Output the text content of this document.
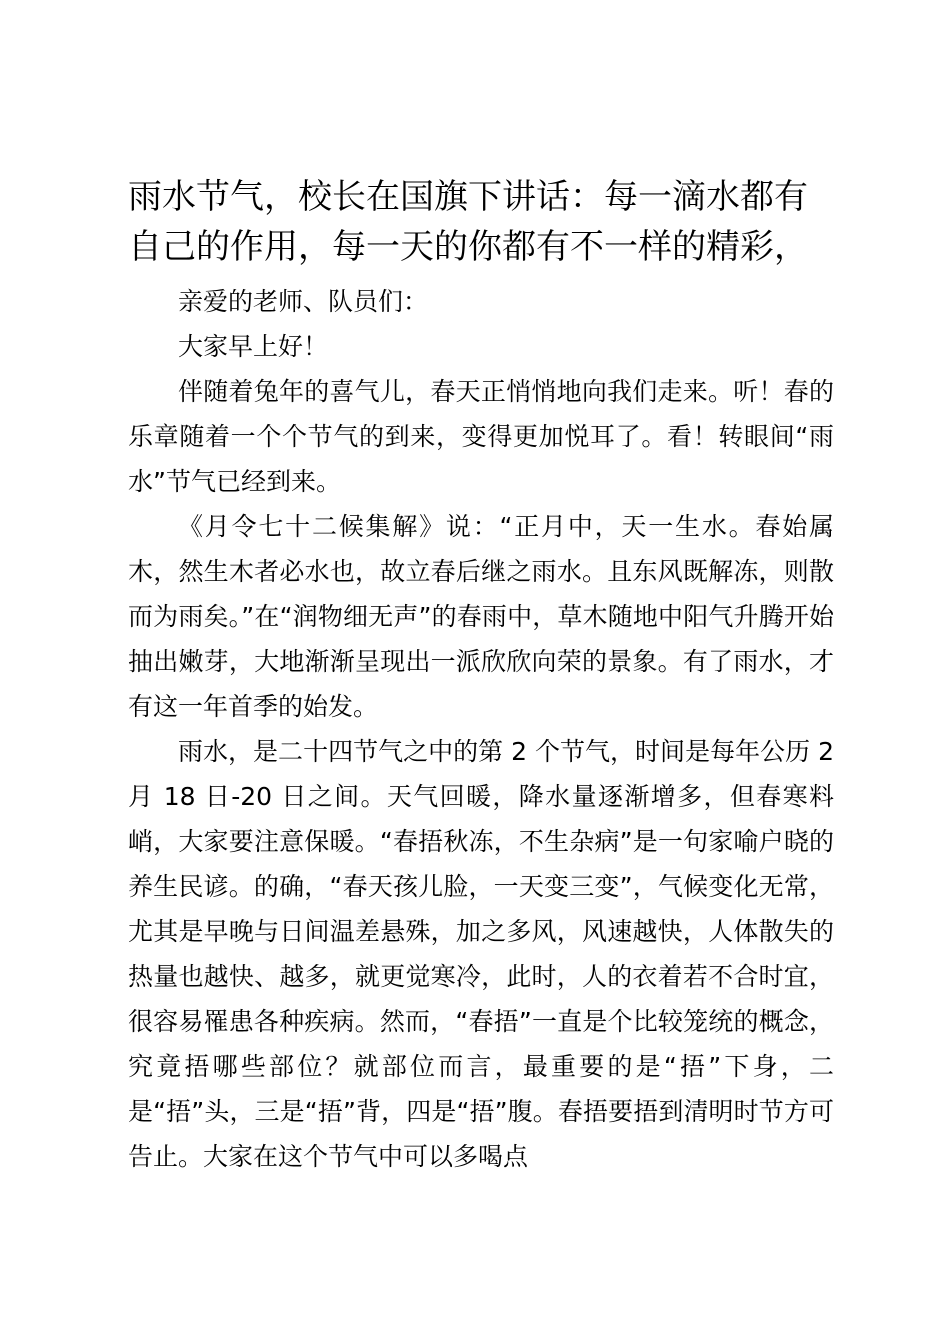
雨水节气，校长在国旗下讲话：每一滴水都有自己的作用，每一天的你都有不一样的精彩，

亲爱的老师、队员们：

大家早上好！

伴随着兔年的喜气儿，春天正悄悄地向我们走来。听！春的乐章随着一个个节气的到来，变得更加悦耳了。看！转眼间“雨水”节气已经到来。

《月令七十二候集解》说：“正月中，天一生水。春始属木，然生木者必水也，故立春后继之雨水。且东风既解冻，则散而为雨矣。”在“润物细无声”的春雨中，草木随地中阳气升腾开始抽出嫩芽，大地渐渐呈现出一派欣欣向荣的景象。有了雨水，才有这一年首季的始发。

雨水，是二十四节气之中的第 2 个节气，时间是每年公历 2 月 18 日-20 日之间。天气回暖，降水量逐渐增多，但春寒料峭，大家要注意保暖。“春捂秋冻，不生杂病”是一句家喻户晓的养生民谚。的确，“春天孩儿脸，一天变三变”，气候变化无常，尤其是早晚与日间温差悬殊，加之多风，风速越快，人体散失的热量也越快、越多，就更觉寒冷，此时，人的衣着若不合时宜，很容易罹患各种疾病。然而，“春捂”一直是个比较笼统的概念，究竟捂哪些部位？就部位而言，最重要的是“捂”下身，二是“捂”头，三是“捂”背，四是“捂”腹。春捂要捂到清明时节方可告止。大家在这个节气中可以多喝点
